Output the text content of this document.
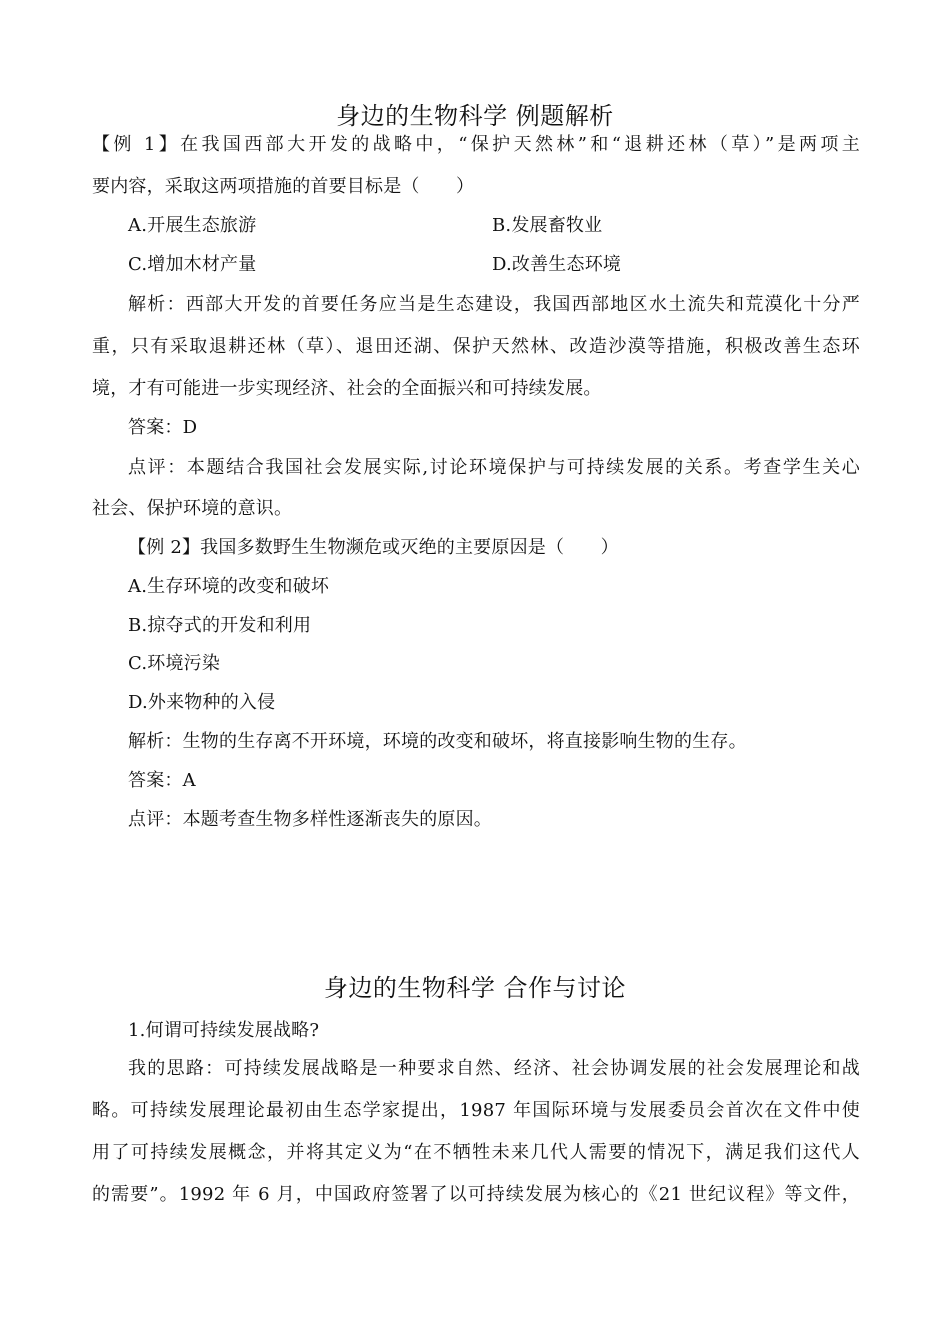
身边的生物科学 例题解析
【例 1】在我国西部大开发的战略中，“保护天然林”和“退耕还林（草）”是两项主
要内容，采取这两项措施的首要目标是（　　）
A.开展生态旅游	B.发展畜牧业
C.增加木材产量	D.改善生态环境
解析：西部大开发的首要任务应当是生态建设，我国西部地区水土流失和荒漠化十分严
重，只有采取退耕还林（草）、退田还湖、保护天然林、改造沙漠等措施，积极改善生态环
境，才有可能进一步实现经济、社会的全面振兴和可持续发展。
答案：D
点评：本题结合我国社会发展实际,讨论环境保护与可持续发展的关系。考查学生关心
社会、保护环境的意识。
【例 2】我国多数野生生物濒危或灭绝的主要原因是（　　）
A.生存环境的改变和破坏
B.掠夺式的开发和利用
C.环境污染
D.外来物种的入侵
解析：生物的生存离不开环境，环境的改变和破坏，将直接影响生物的生存。
答案：A
点评：本题考查生物多样性逐渐丧失的原因。
身边的生物科学 合作与讨论
1.何谓可持续发展战略?
我的思路：可持续发展战略是一种要求自然、经济、社会协调发展的社会发展理论和战
略。可持续发展理论最初由生态学家提出，1987 年国际环境与发展委员会首次在文件中使
用了可持续发展概念，并将其定义为“在不牺牲未来几代人需要的情况下，满足我们这代人
的需要”。1992 年 6 月，中国政府签署了以可持续发展为核心的《21 世纪议程》等文件，
